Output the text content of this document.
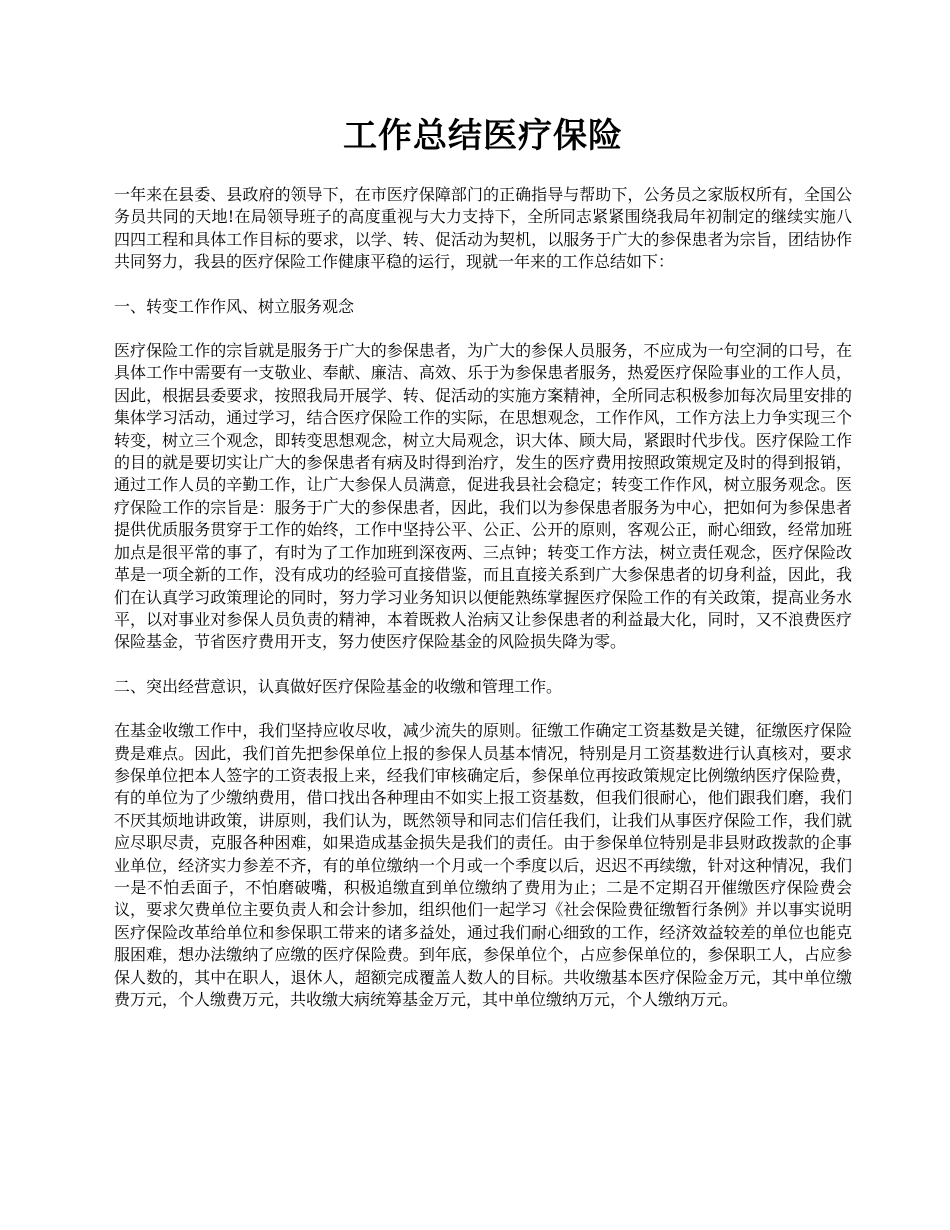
工作总结医疗保险

一年来在县委、县政府的领导下，在市医疗保障部门的正确指导与帮助下，公务员之家版权所有，全国公务员共同的天地!在局领导班子的高度重视与大力支持下，全所同志紧紧围绕我局年初制定的继续实施八四四工程和具体工作目标的要求，以学、转、促活动为契机，以服务于广大的参保患者为宗旨，团结协作共同努力，我县的医疗保险工作健康平稳的运行，现就一年来的工作总结如下：

一、转变工作作风、树立服务观念

医疗保险工作的宗旨就是服务于广大的参保患者，为广大的参保人员服务，不应成为一句空洞的口号，在具体工作中需要有一支敬业、奉献、廉洁、高效、乐于为参保患者服务，热爱医疗保险事业的工作人员，因此，根据县委要求，按照我局开展学、转、促活动的实施方案精神，全所同志积极参加每次局里安排的集体学习活动，通过学习，结合医疗保险工作的实际，在思想观念，工作作风，工作方法上力争实现三个转变，树立三个观念，即转变思想观念，树立大局观念，识大体、顾大局，紧跟时代步伐。医疗保险工作的目的就是要切实让广大的参保患者有病及时得到治疗，发生的医疗费用按照政策规定及时的得到报销，通过工作人员的辛勤工作，让广大参保人员满意，促进我县社会稳定；转变工作作风，树立服务观念。医疗保险工作的宗旨是：服务于广大的参保患者，因此，我们以为参保患者服务为中心，把如何为参保患者提供优质服务贯穿于工作的始终，工作中坚持公平、公正、公开的原则，客观公正，耐心细致，经常加班加点是很平常的事了，有时为了工作加班到深夜两、三点钟；转变工作方法，树立责任观念，医疗保险改革是一项全新的工作，没有成功的经验可直接借鉴，而且直接关系到广大参保患者的切身利益，因此，我们在认真学习政策理论的同时，努力学习业务知识以便能熟练掌握医疗保险工作的有关政策，提高业务水平，以对事业对参保人员负责的精神，本着既救人治病又让参保患者的利益最大化，同时，又不浪费医疗保险基金，节省医疗费用开支，努力使医疗保险基金的风险损失降为零。

二、突出经营意识，认真做好医疗保险基金的收缴和管理工作。

在基金收缴工作中，我们坚持应收尽收，减少流失的原则。征缴工作确定工资基数是关键，征缴医疗保险费是难点。因此，我们首先把参保单位上报的参保人员基本情况，特别是月工资基数进行认真核对，要求参保单位把本人签字的工资表报上来，经我们审核确定后，参保单位再按政策规定比例缴纳医疗保险费，有的单位为了少缴纳费用，借口找出各种理由不如实上报工资基数，但我们很耐心，他们跟我们磨，我们不厌其烦地讲政策，讲原则，我们认为，既然领导和同志们信任我们，让我们从事医疗保险工作，我们就应尽职尽责，克服各种困难，如果造成基金损失是我们的责任。由于参保单位特别是非县财政拨款的企事业单位，经济实力参差不齐，有的单位缴纳一个月或一个季度以后，迟迟不再续缴，针对这种情况，我们一是不怕丢面子，不怕磨破嘴，积极追缴直到单位缴纳了费用为止；二是不定期召开催缴医疗保险费会议，要求欠费单位主要负责人和会计参加，组织他们一起学习《社会保险费征缴暂行条例》并以事实说明医疗保险改革给单位和参保职工带来的诸多益处，通过我们耐心细致的工作，经济效益较差的单位也能克服困难，想办法缴纳了应缴的医疗保险费。到年底，参保单位个，占应参保单位的，参保职工人，占应参保人数的，其中在职人，退休人，超额完成覆盖人数人的目标。共收缴基本医疗保险金万元，其中单位缴费万元，个人缴费万元，共收缴大病统筹基金万元，其中单位缴纳万元，个人缴纳万元。
